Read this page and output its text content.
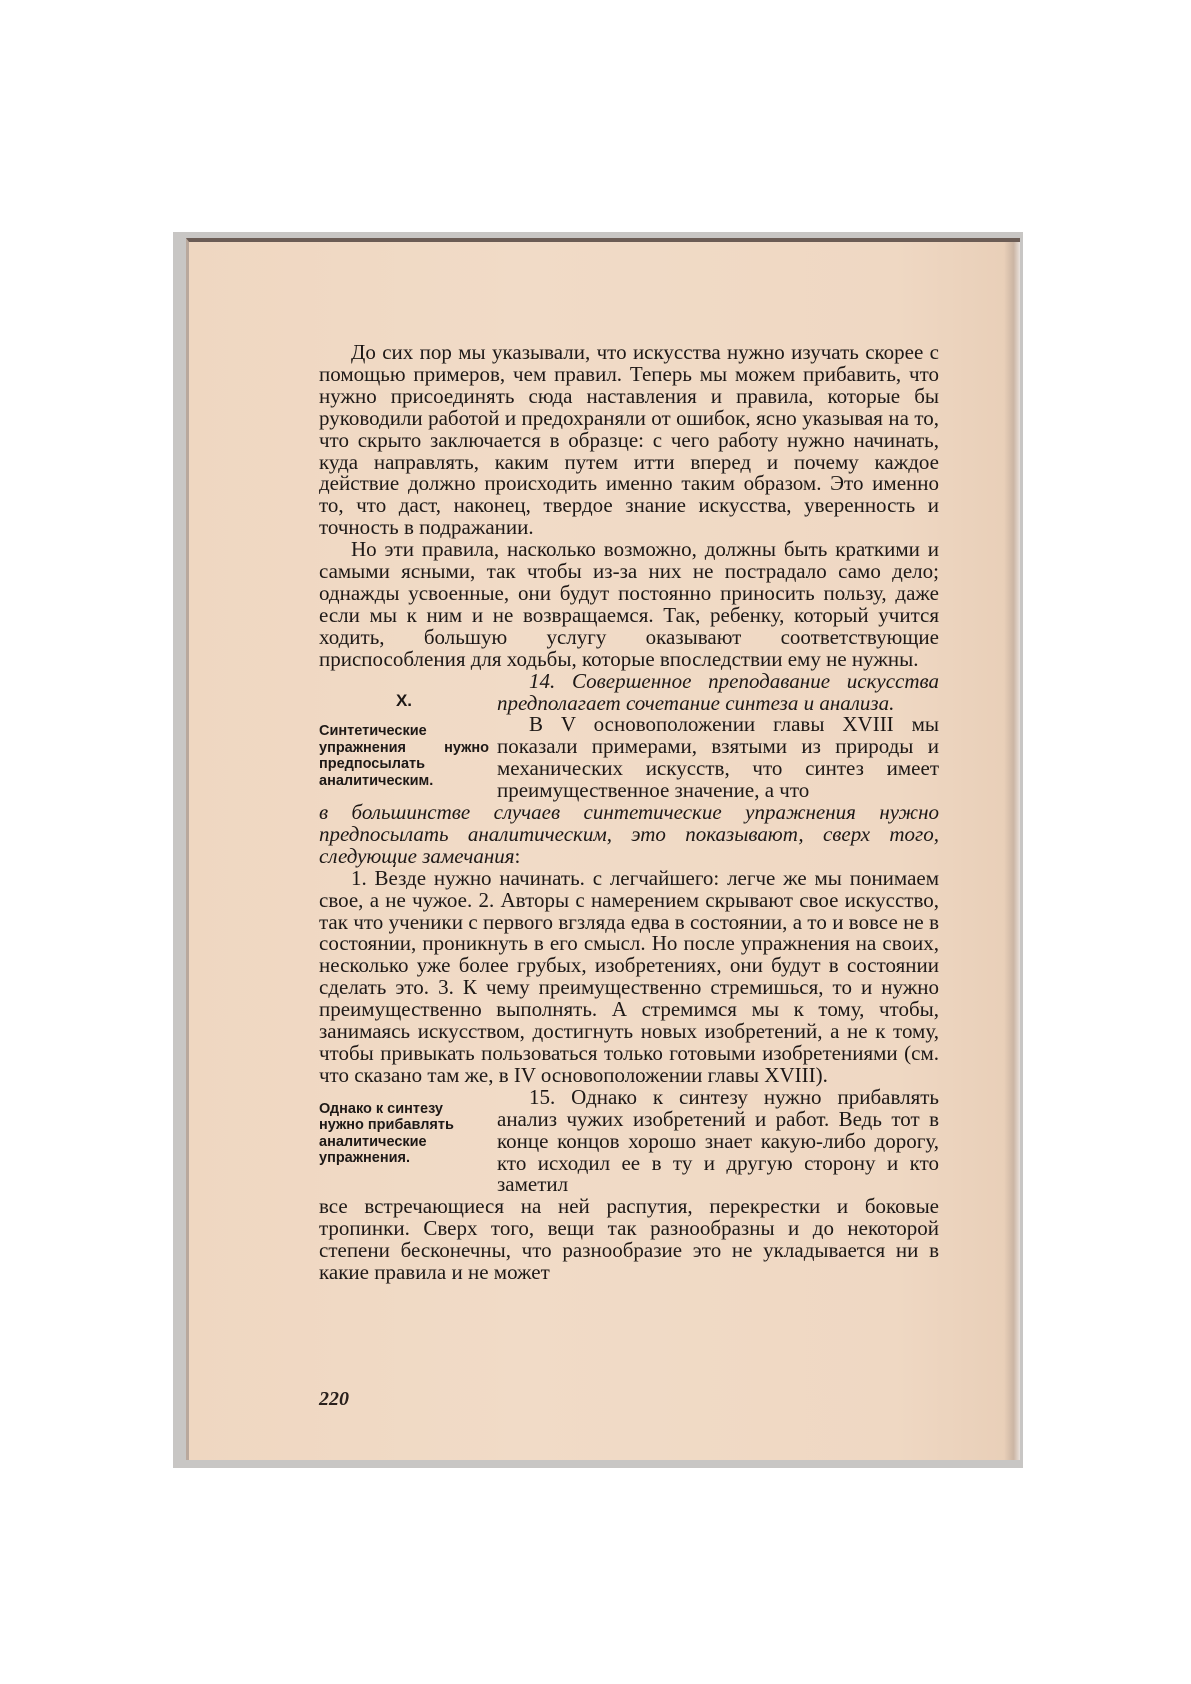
До сих пор мы указывали, что искусства нужно изучать скорее с помощью примеров, чем правил. Теперь мы можем прибавить, что нужно присоединять сюда наставления и правила, которые бы руководили работой и предохраняли от ошибок, ясно указывая на то, что скрыто заключается в образце: с чего работу нужно начинать, куда направлять, каким путем итти вперед и почему каждое действие должно происходить именно таким образом. Это именно то, что даст, наконец, твердое знание искусства, уверенность и точность в подражании.

Но эти правила, насколько возможно, должны быть краткими и самыми ясными, так чтобы из-за них не пострадало само дело; однажды усвоенные, они будут постоянно приносить пользу, даже если мы к ним и не возвращаемся. Так, ребенку, который учится ходить, большую услугу оказывают соответствующие приспособления для ходьбы, которые впоследствии ему не нужны.

X.
Синтетические упражнения нужно предпосылать аналитическим.

14. Совершенное преподавание искусства предполагает сочетание синтеза и анализа.

В V основоположении главы XVIII мы показали примерами, взятыми из природы и механических искусств, что синтез имеет преимущественное значение, а что

в большинстве случаев синтетические упражнения нужно предпосылать аналитическим, это показывают, сверх того, следующие замечания:

1. Везде нужно начинать. с легчайшего: легче же мы понимаем свое, а не чужое. 2. Авторы с намерением скрывают свое искусство, так что ученики с первого вгзляда едва в состоянии, а то и вовсе не в состоянии, проникнуть в его смысл. Но после упражнения на своих, несколько уже более грубых, изобретениях, они будут в состоянии сделать это. 3. К чему преимущественно стремишься, то и нужно преимущественно выполнять. А стремимся мы к тому, чтобы, занимаясь искусством, достигнуть новых изобретений, а не к тому, чтобы привыкать пользоваться только готовыми изобретениями (см. что сказано там же, в IV основоположении главы XVIII).

Однако к синтезу нужно прибавлять аналитические упражнения.

15. Однако к синтезу нужно прибавлять анализ чужих изобретений и работ. Ведь тот в конце концов хорошо знает какую-либо дорогу, кто исходил ее в ту и другую сторону и кто заметил

все встречающиеся на ней распутия, перекрестки и боковые тропинки. Сверх того, вещи так разнообразны и до некоторой степени бесконечны, что разнообразие это не укладывается ни в какие правила и не может

220
